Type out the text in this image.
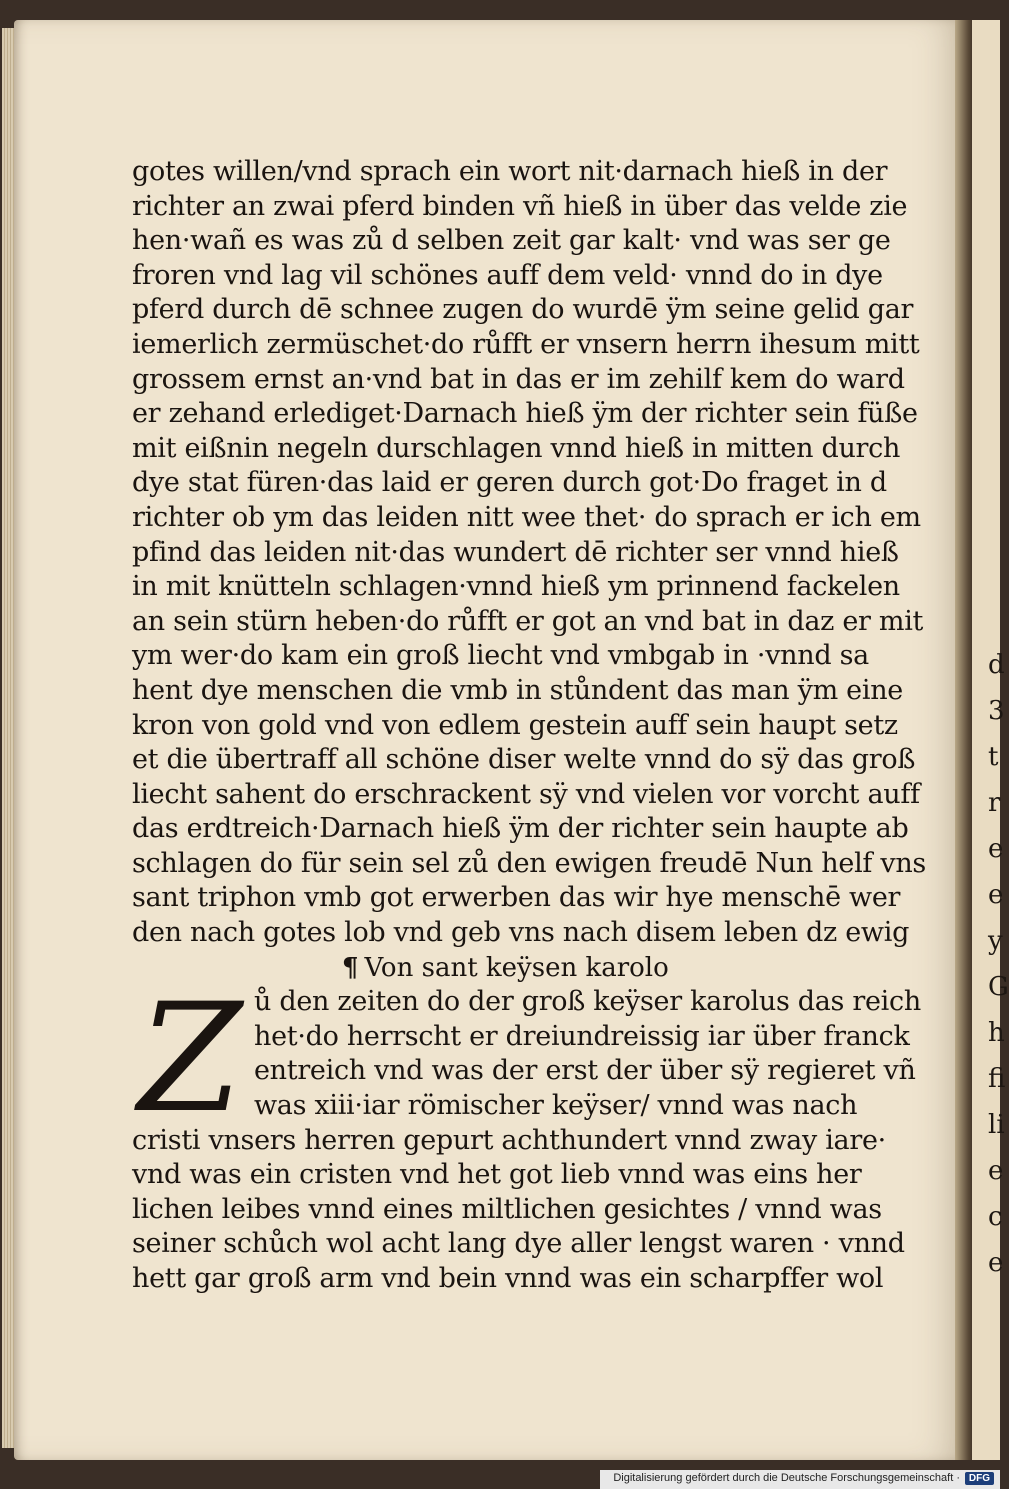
d
3
t
r
e
e
y
G
h
fi
li
e
c
e
gotes willen/vnd sprach ein wort nit·darnach hieß in der
richter an zwai pferd binden vñ hieß in über das velde zie
hen·wañ es was zů d selben zeit gar kalt· vnd was ser ge
froren vnd lag vil schönes auff dem veld· vnnd do in dye
pferd durch dē schnee zugen do wurdē ÿm seine gelid gar
iemerlich zermüschet·do růfft er vnsern herrn ihesum mitt
grossem ernst an·vnd bat in das er im zehilf kem do ward
er zehand erlediget·Darnach hieß ÿm der richter sein füße
mit eißnin negeln durschlagen vnnd hieß in mitten durch
dye stat füren·das laid er geren durch got·Do fraget in d
richter ob ym das leiden nitt wee thet· do sprach er ich em
pfind das leiden nit·das wundert dē richter ser vnnd hieß
in mit knütteln schlagen·vnnd hieß ym prinnend fackelen
an sein stürn heben·do růfft er got an vnd bat in daz er mit
ym wer·do kam ein groß liecht vnd vmbgab in ·vnnd sa
hent dye menschen die vmb in stůndent das man ÿm eine
kron von gold vnd von edlem gestein auff sein haupt setz
et die übertraff all schöne diser welte vnnd do sÿ das groß
liecht sahent do erschrackent sÿ vnd vielen vor vorcht auff
das erdtreich·Darnach hieß ÿm der richter sein haupte ab
schlagen do für sein sel zů den ewigen freudē Nun helf vns
sant triphon vmb got erwerben das wir hye menschē wer
den nach gotes lob vnd geb vns nach disem leben dz ewig
¶ Von sant keÿsen karolo
Z ů den zeiten do der groß keÿser karolus das reich
het·do herrscht er dreiundreissig iar über franck
entreich vnd was der erst der über sÿ regieret vñ
was xiii·iar römischer keÿser/ vnnd was nach
cristi vnsers herren gepurt achthundert vnnd zway iare·
vnd was ein cristen vnd het got lieb vnnd was eins her
lichen leibes vnnd eines miltlichen gesichtes / vnnd was
seiner schůch wol acht lang dye aller lengst waren · vnnd
hett gar groß arm vnd bein vnnd was ein scharpffer wol
Digitalisierung gefördert durch die Deutsche Forschungsgemeinschaft · DFG
